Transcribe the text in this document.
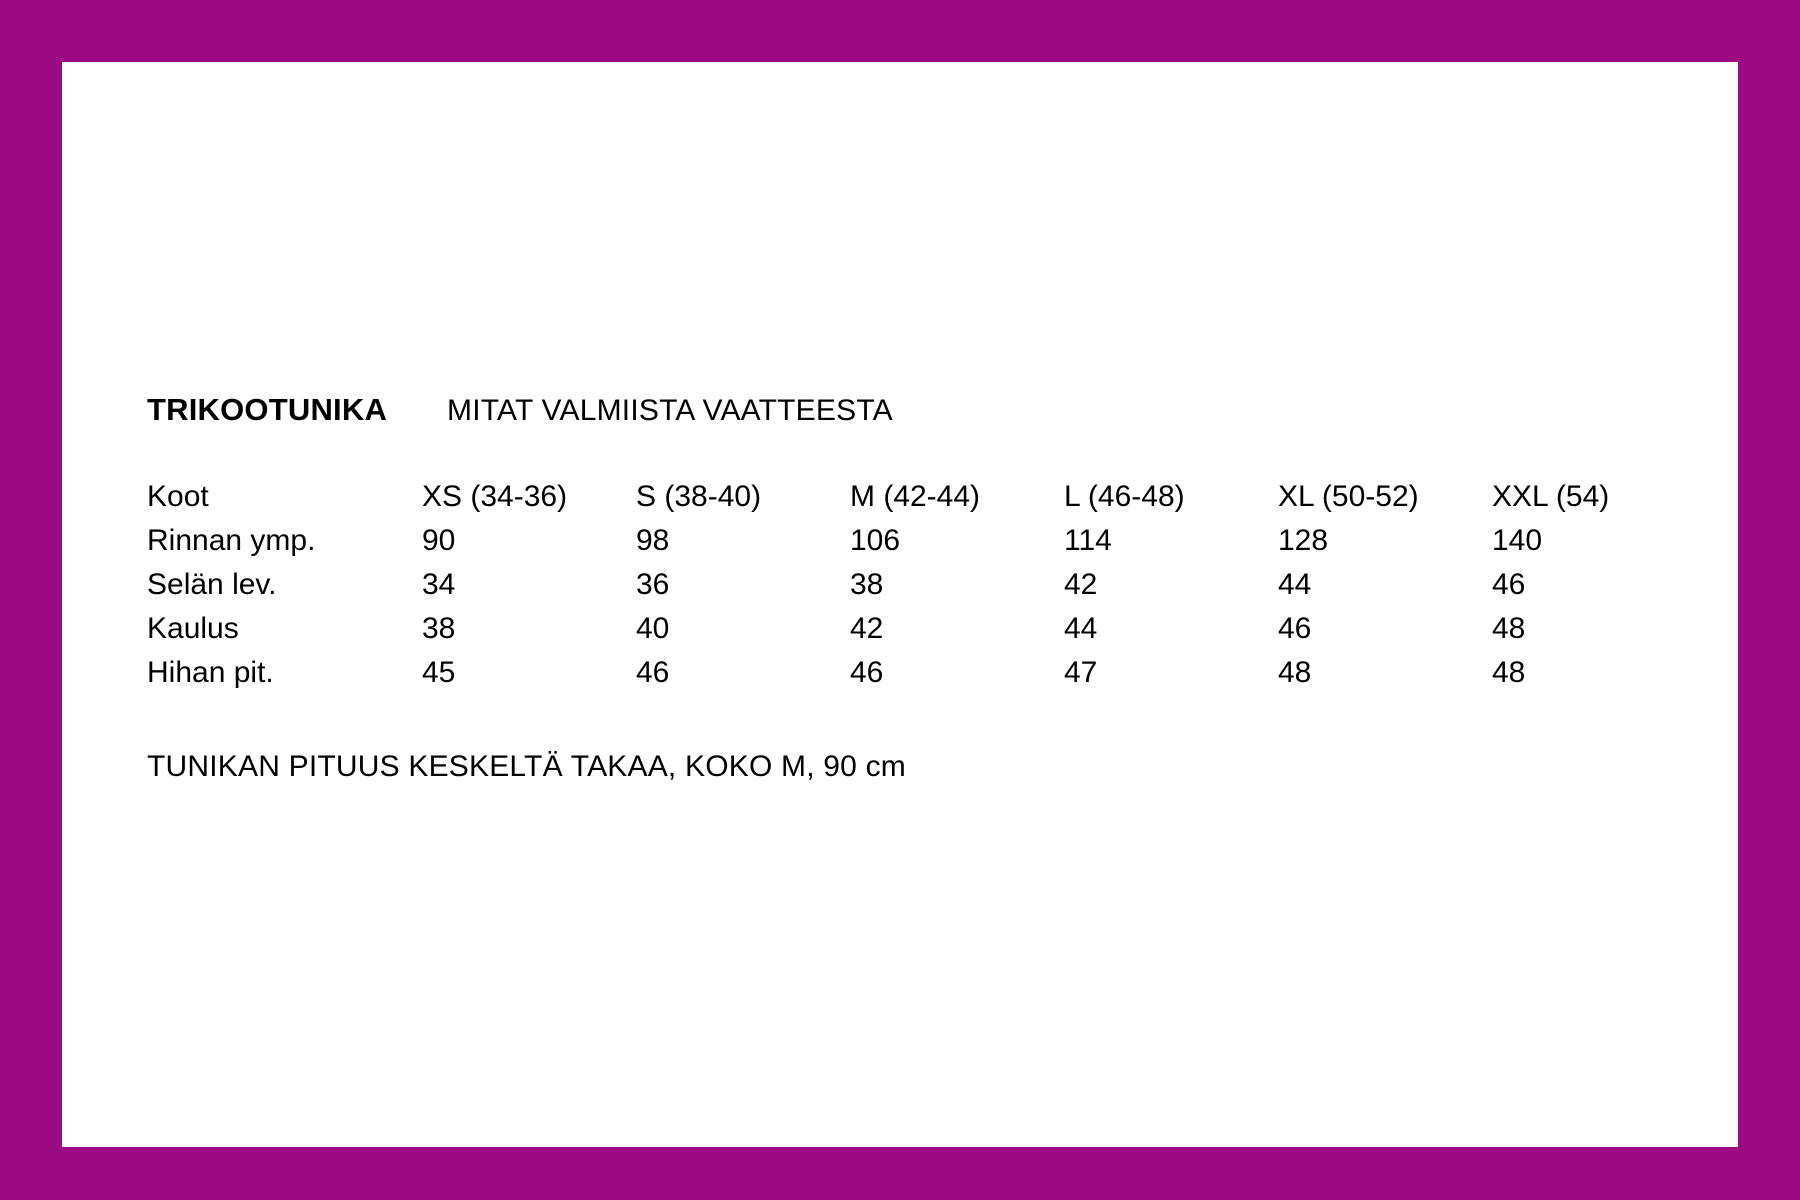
TRIKOOTUNIKA	MITAT VALMIISTA VAATTEESTA
Koot	XS (34-36)	S (38-40)	M (42-44)	L (46-48)	XL (50-52)	XXL (54)
Rinnan ymp.	90	98	106	114	128	140
Selän lev.	34	36	38	42	44	46
Kaulus	38	40	42	44	46	48
Hihan pit.	45	46	46	47	48	48
TUNIKAN PITUUS KESKELTÄ TAKAA, KOKO M, 90 cm
